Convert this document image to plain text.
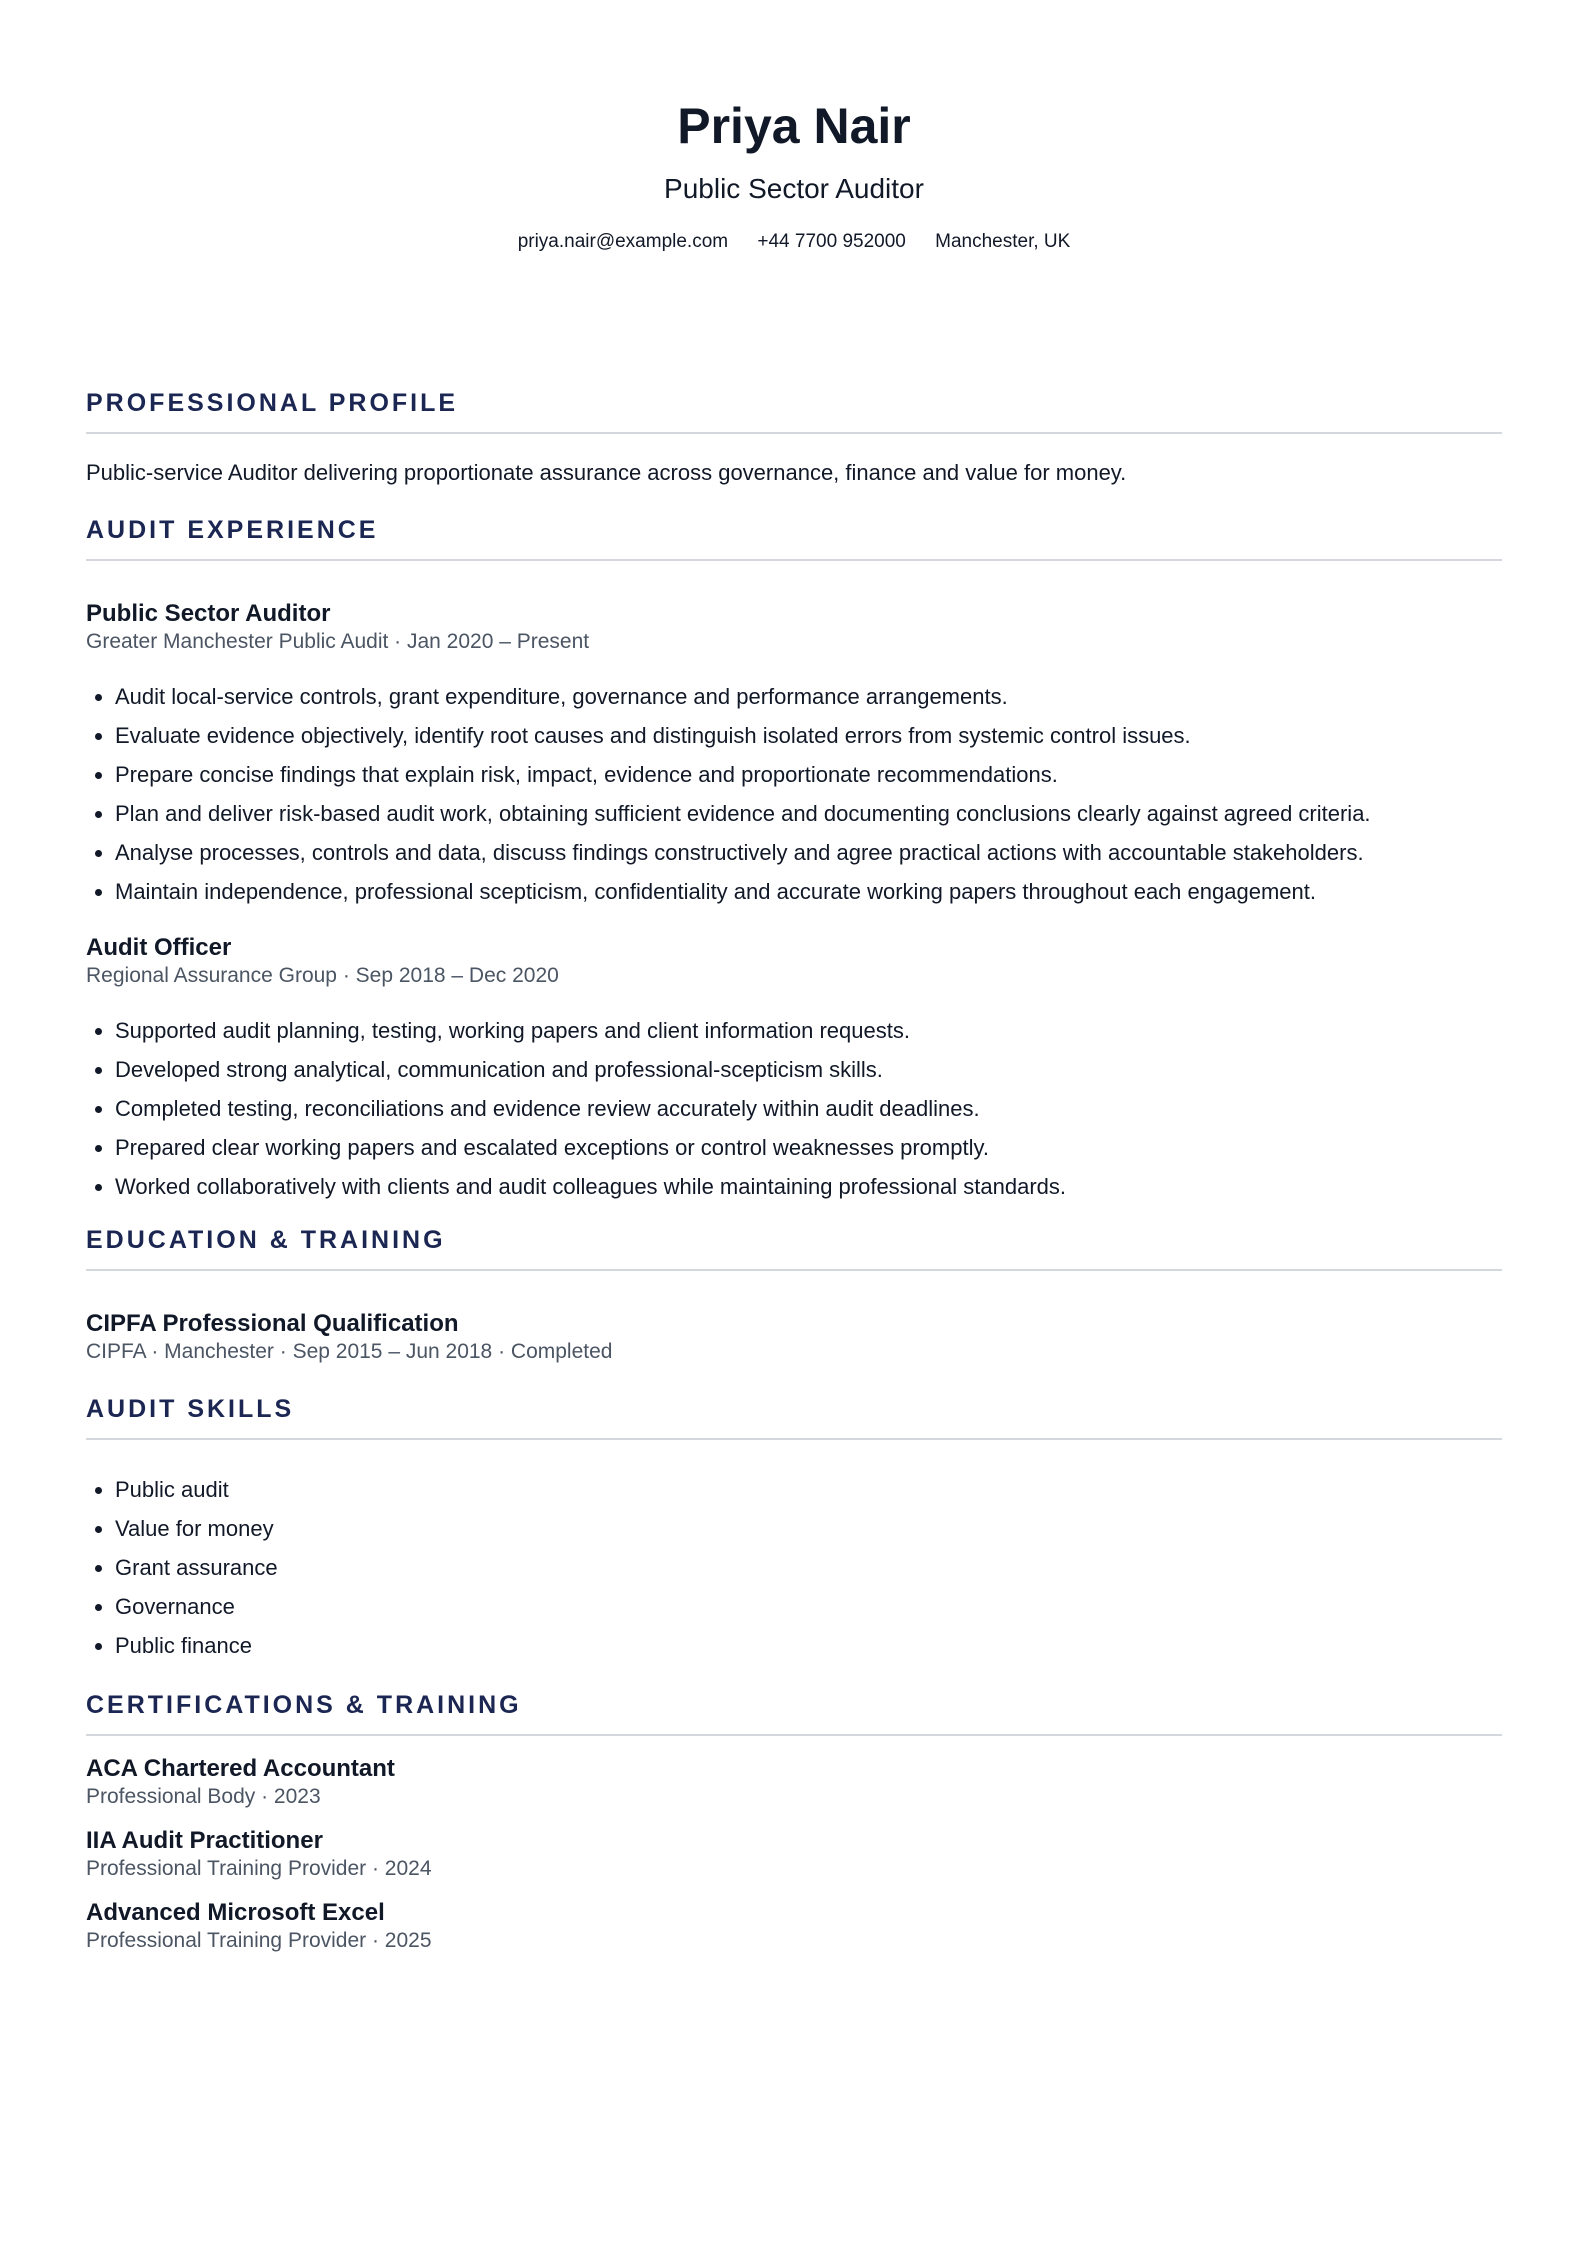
Priya Nair
Public Sector Auditor
priya.nair@example.com +44 7700 952000 Manchester, UK
PROFESSIONAL PROFILE
Public-service Auditor delivering proportionate assurance across governance, finance and value for money.
AUDIT EXPERIENCE
Public Sector Auditor
Greater Manchester Public Audit · Jan 2020 – Present
• Audit local-service controls, grant expenditure, governance and performance arrangements.
• Evaluate evidence objectively, identify root causes and distinguish isolated errors from systemic control issues.
• Prepare concise findings that explain risk, impact, evidence and proportionate recommendations.
• Plan and deliver risk-based audit work, obtaining sufficient evidence and documenting conclusions clearly against agreed criteria.
• Analyse processes, controls and data, discuss findings constructively and agree practical actions with accountable stakeholders.
• Maintain independence, professional scepticism, confidentiality and accurate working papers throughout each engagement.
Audit Officer
Regional Assurance Group · Sep 2018 – Dec 2020
• Supported audit planning, testing, working papers and client information requests.
• Developed strong analytical, communication and professional-scepticism skills.
• Completed testing, reconciliations and evidence review accurately within audit deadlines.
• Prepared clear working papers and escalated exceptions or control weaknesses promptly.
• Worked collaboratively with clients and audit colleagues while maintaining professional standards.
EDUCATION & TRAINING
CIPFA Professional Qualification
CIPFA · Manchester · Sep 2015 – Jun 2018 · Completed
AUDIT SKILLS
• Public audit
• Value for money
• Grant assurance
• Governance
• Public finance
CERTIFICATIONS & TRAINING
ACA Chartered Accountant
Professional Body · 2023
IIA Audit Practitioner
Professional Training Provider · 2024
Advanced Microsoft Excel
Professional Training Provider · 2025
